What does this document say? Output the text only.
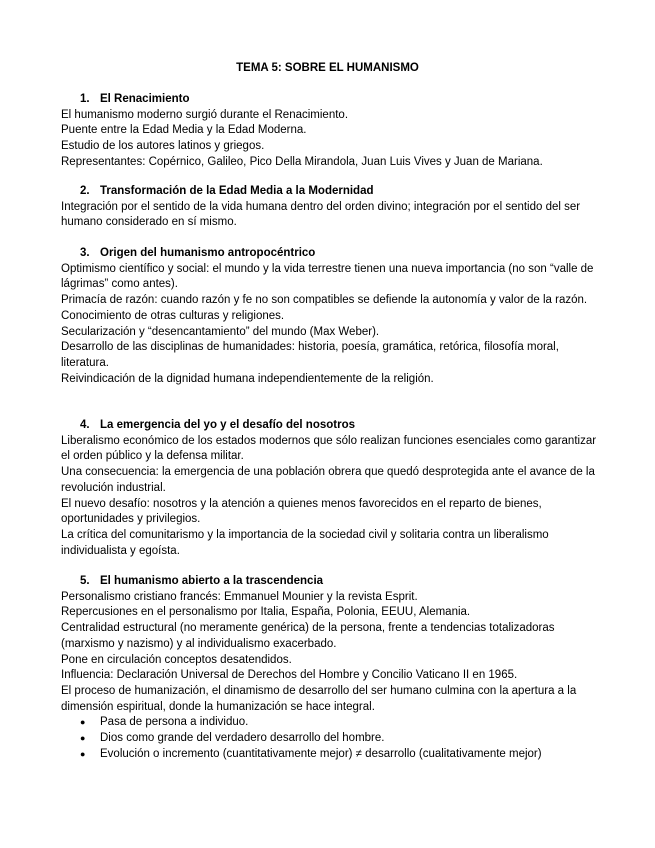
TEMA 5: SOBRE EL HUMANISMO
1. El Renacimiento

El humanismo moderno surgió durante el Renacimiento.

Puente entre la Edad Media y la Edad Moderna.

Estudio de los autores latinos y griegos.

Representantes: Copérnico, Galileo, Pico Della Mirandola, Juan Luis Vives y Juan de Mariana.

2. Transformación de la Edad Media a la Modernidad

Integración por el sentido de la vida humana dentro del orden divino; integración por el sentido del ser humano considerado en sí mismo.

3. Origen del humanismo antropocéntrico

Optimismo científico y social: el mundo y la vida terrestre tienen una nueva importancia (no son “valle de lágrimas” como antes).

Primacía de razón: cuando razón y fe no son compatibles se defiende la autonomía y valor de la razón.

Conocimiento de otras culturas y religiones.

Secularización y “desencantamiento” del mundo (Max Weber).

Desarrollo de las disciplinas de humanidades: historia, poesía, gramática, retórica, filosofía moral, literatura.

Reivindicación de la dignidad humana independientemente de la religión.

4. La emergencia del yo y el desafío del nosotros

Liberalismo económico de los estados modernos que sólo realizan funciones esenciales como garantizar el orden público y la defensa militar.

Una consecuencia: la emergencia de una población obrera que quedó desprotegida ante el avance de la revolución industrial.

El nuevo desafío: nosotros y la atención a quienes menos favorecidos en el reparto de bienes, oportunidades y privilegios.

La crítica del comunitarismo y la importancia de la sociedad civil y solitaria contra un liberalismo individualista y egoísta.

5. El humanismo abierto a la trascendencia

Personalismo cristiano francés: Emmanuel Mounier y la revista Esprit.

Repercusiones en el personalismo por Italia, España, Polonia, EEUU, Alemania.

Centralidad estructural (no meramente genérica) de la persona, frente a tendencias totalizadoras (marxismo y nazismo) y al individualismo exacerbado.

Pone en circulación conceptos desatendidos.

Influencia: Declaración Universal de Derechos del Hombre y Concilio Vaticano II en 1965.

El proceso de humanización, el dinamismo de desarrollo del ser humano culmina con la apertura a la dimensión espiritual, donde la humanización se hace integral.

●	Pasa de persona a individuo.
●	Dios como grande del verdadero desarrollo del hombre.
●	Evolución o incremento (cuantitativamente mejor) ≠ desarrollo (cualitativamente mejor)
